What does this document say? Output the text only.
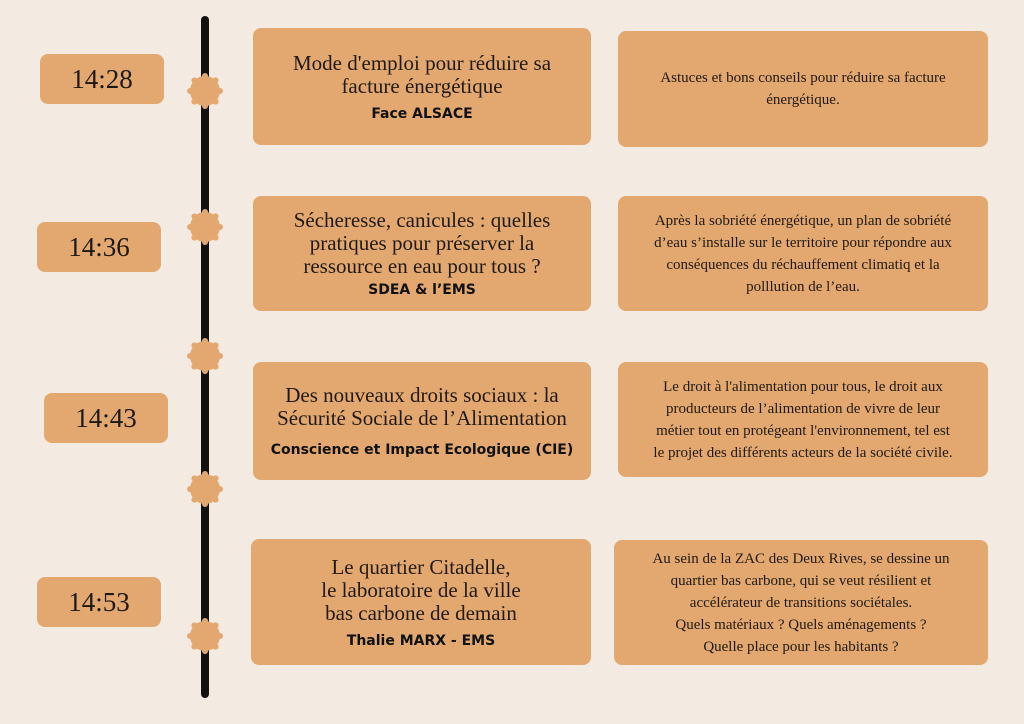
14:28
Mode d'emploi pour réduire sa
facture énergétique
Face ALSACE
Astuces et bons conseils pour réduire sa facture
énergétique.
14:36
Sécheresse, canicules : quelles
pratiques pour préserver la
ressource en eau pour tous ?
SDEA & l’EMS
Après la sobriété énergétique, un plan de sobriété
d’eau s’installe sur le territoire pour répondre aux
conséquences du réchauffement climatiq et la
polllution de l’eau.
14:43
Des nouveaux droits sociaux : la
Sécurité Sociale de l’Alimentation
Conscience et Impact Ecologique (CIE)
Le droit à l'alimentation pour tous, le droit aux
producteurs de l’alimentation de vivre de leur
métier tout en protégeant l'environnement, tel est
le projet des différents acteurs de la société civile.
14:53
Le quartier Citadelle,
le laboratoire de la ville
bas carbone de demain
Thalie MARX - EMS
Au sein de la ZAC des Deux Rives, se dessine un
quartier bas carbone, qui se veut résilient et
accélérateur de transitions sociétales.
Quels matériaux ? Quels aménagements ?
Quelle place pour les habitants ?
